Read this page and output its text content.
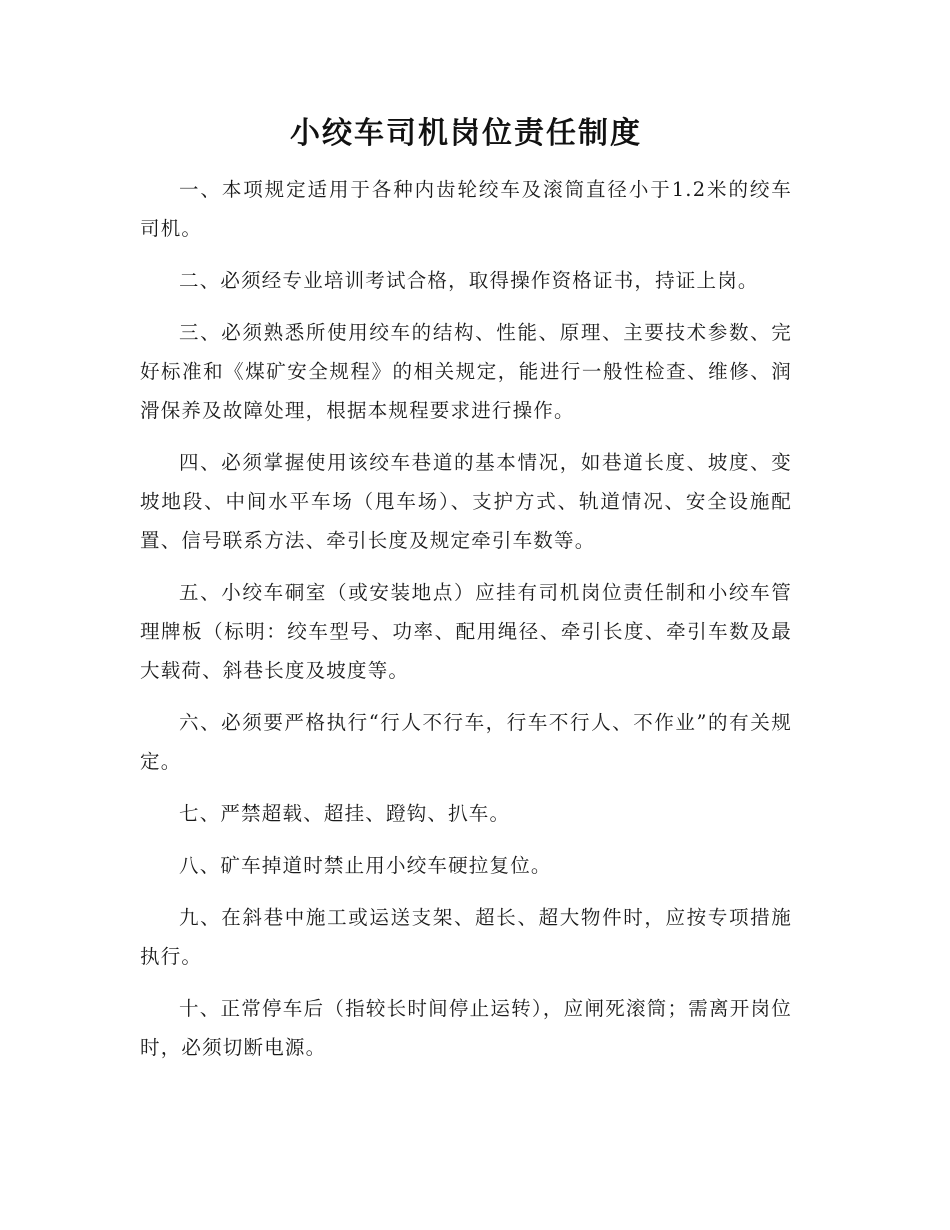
小绞车司机岗位责任制度

一、本项规定适用于各种内齿轮绞车及滚筒直径小于1.2米的绞车司机。

二、必须经专业培训考试合格，取得操作资格证书，持证上岗。

三、必须熟悉所使用绞车的结构、性能、原理、主要技术参数、完好标准和《煤矿安全规程》的相关规定，能进行一般性检查、维修、润滑保养及故障处理，根据本规程要求进行操作。

四、必须掌握使用该绞车巷道的基本情况，如巷道长度、坡度、变坡地段、中间水平车场（甩车场）、支护方式、轨道情况、安全设施配置、信号联系方法、牵引长度及规定牵引车数等。

五、小绞车硐室（或安装地点）应挂有司机岗位责任制和小绞车管理牌板（标明：绞车型号、功率、配用绳径、牵引长度、牵引车数及最大载荷、斜巷长度及坡度等。

六、必须要严格执行“行人不行车，行车不行人、不作业”的有关规定。

七、严禁超载、超挂、蹬钩、扒车。

八、矿车掉道时禁止用小绞车硬拉复位。

九、在斜巷中施工或运送支架、超长、超大物件时，应按专项措施执行。

十、正常停车后（指较长时间停止运转），应闸死滚筒；需离开岗位时，必须切断电源。
